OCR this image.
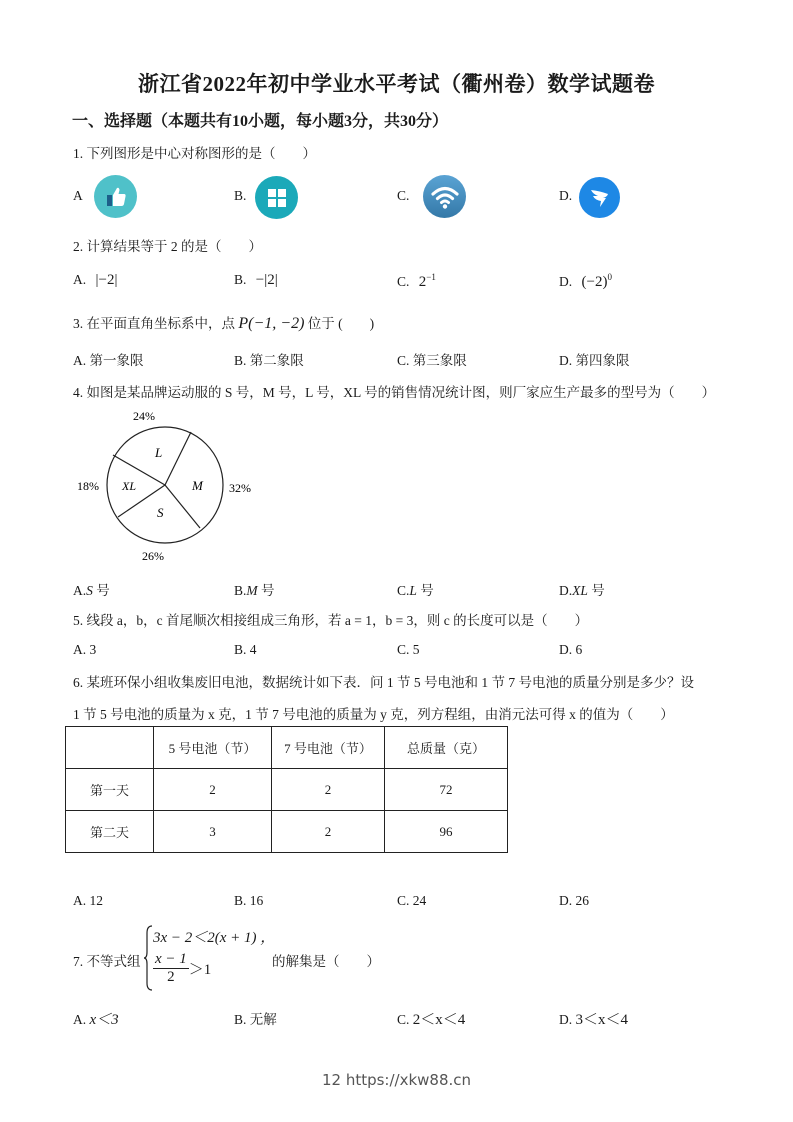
浙江省2022年初中学业水平考试（衢州卷）数学试题卷
一、选择题（本题共有10小题，每小题3分，共30分）
1. 下列图形是中心对称图形的是（　　）
A	B.	C.	D.
2. 计算结果等于 2 的是（　　）
A. |−2|	B. −|2|	C. $2^{-1}$	D. $(-2)^0$
3. 在平面直角坐标系中，点 P(−1, −2) 位于 (　　)
A. 第一象限	B. 第二象限	C. 第三象限	D. 第四象限
4. 如图是某品牌运动服的 S 号，M 号，L 号，XL 号的销售情况统计图，则厂家应生产最多的型号为（　　）
L
M
S
XL
24%
32%
26%
18%
A.S 号	B.M 号	C.L 号	D.XL 号
5. 线段 a，b，c 首尾顺次相接组成三角形，若 a = 1，b = 3，则 c 的长度可以是（　　）
A. 3	B. 4	C. 5	D. 6
6. 某班环保小组收集废旧电池，数据统计如下表．问 1 节 5 号电池和 1 节 7 号电池的质量分别是多少？设
1 节 5 号电池的质量为 x 克，1 节 7 号电池的质量为 y 克，列方程组，由消元法可得 x 的值为（　　）
	5 号电池（节）	7 号电池（节）	总质量（克）
第一天	2	2	72
第二天	3	2	96
A. 12	B. 16	C. 24	D. 26
7. 不等式组
3x − 2＜2(x + 1) ，
$\frac{x - 1}{2} >1$
的解集是（　　）
A. x＜3	B. 无解	C. 2＜x＜4	D. 3＜x＜4
12 https://xkw88.cn
